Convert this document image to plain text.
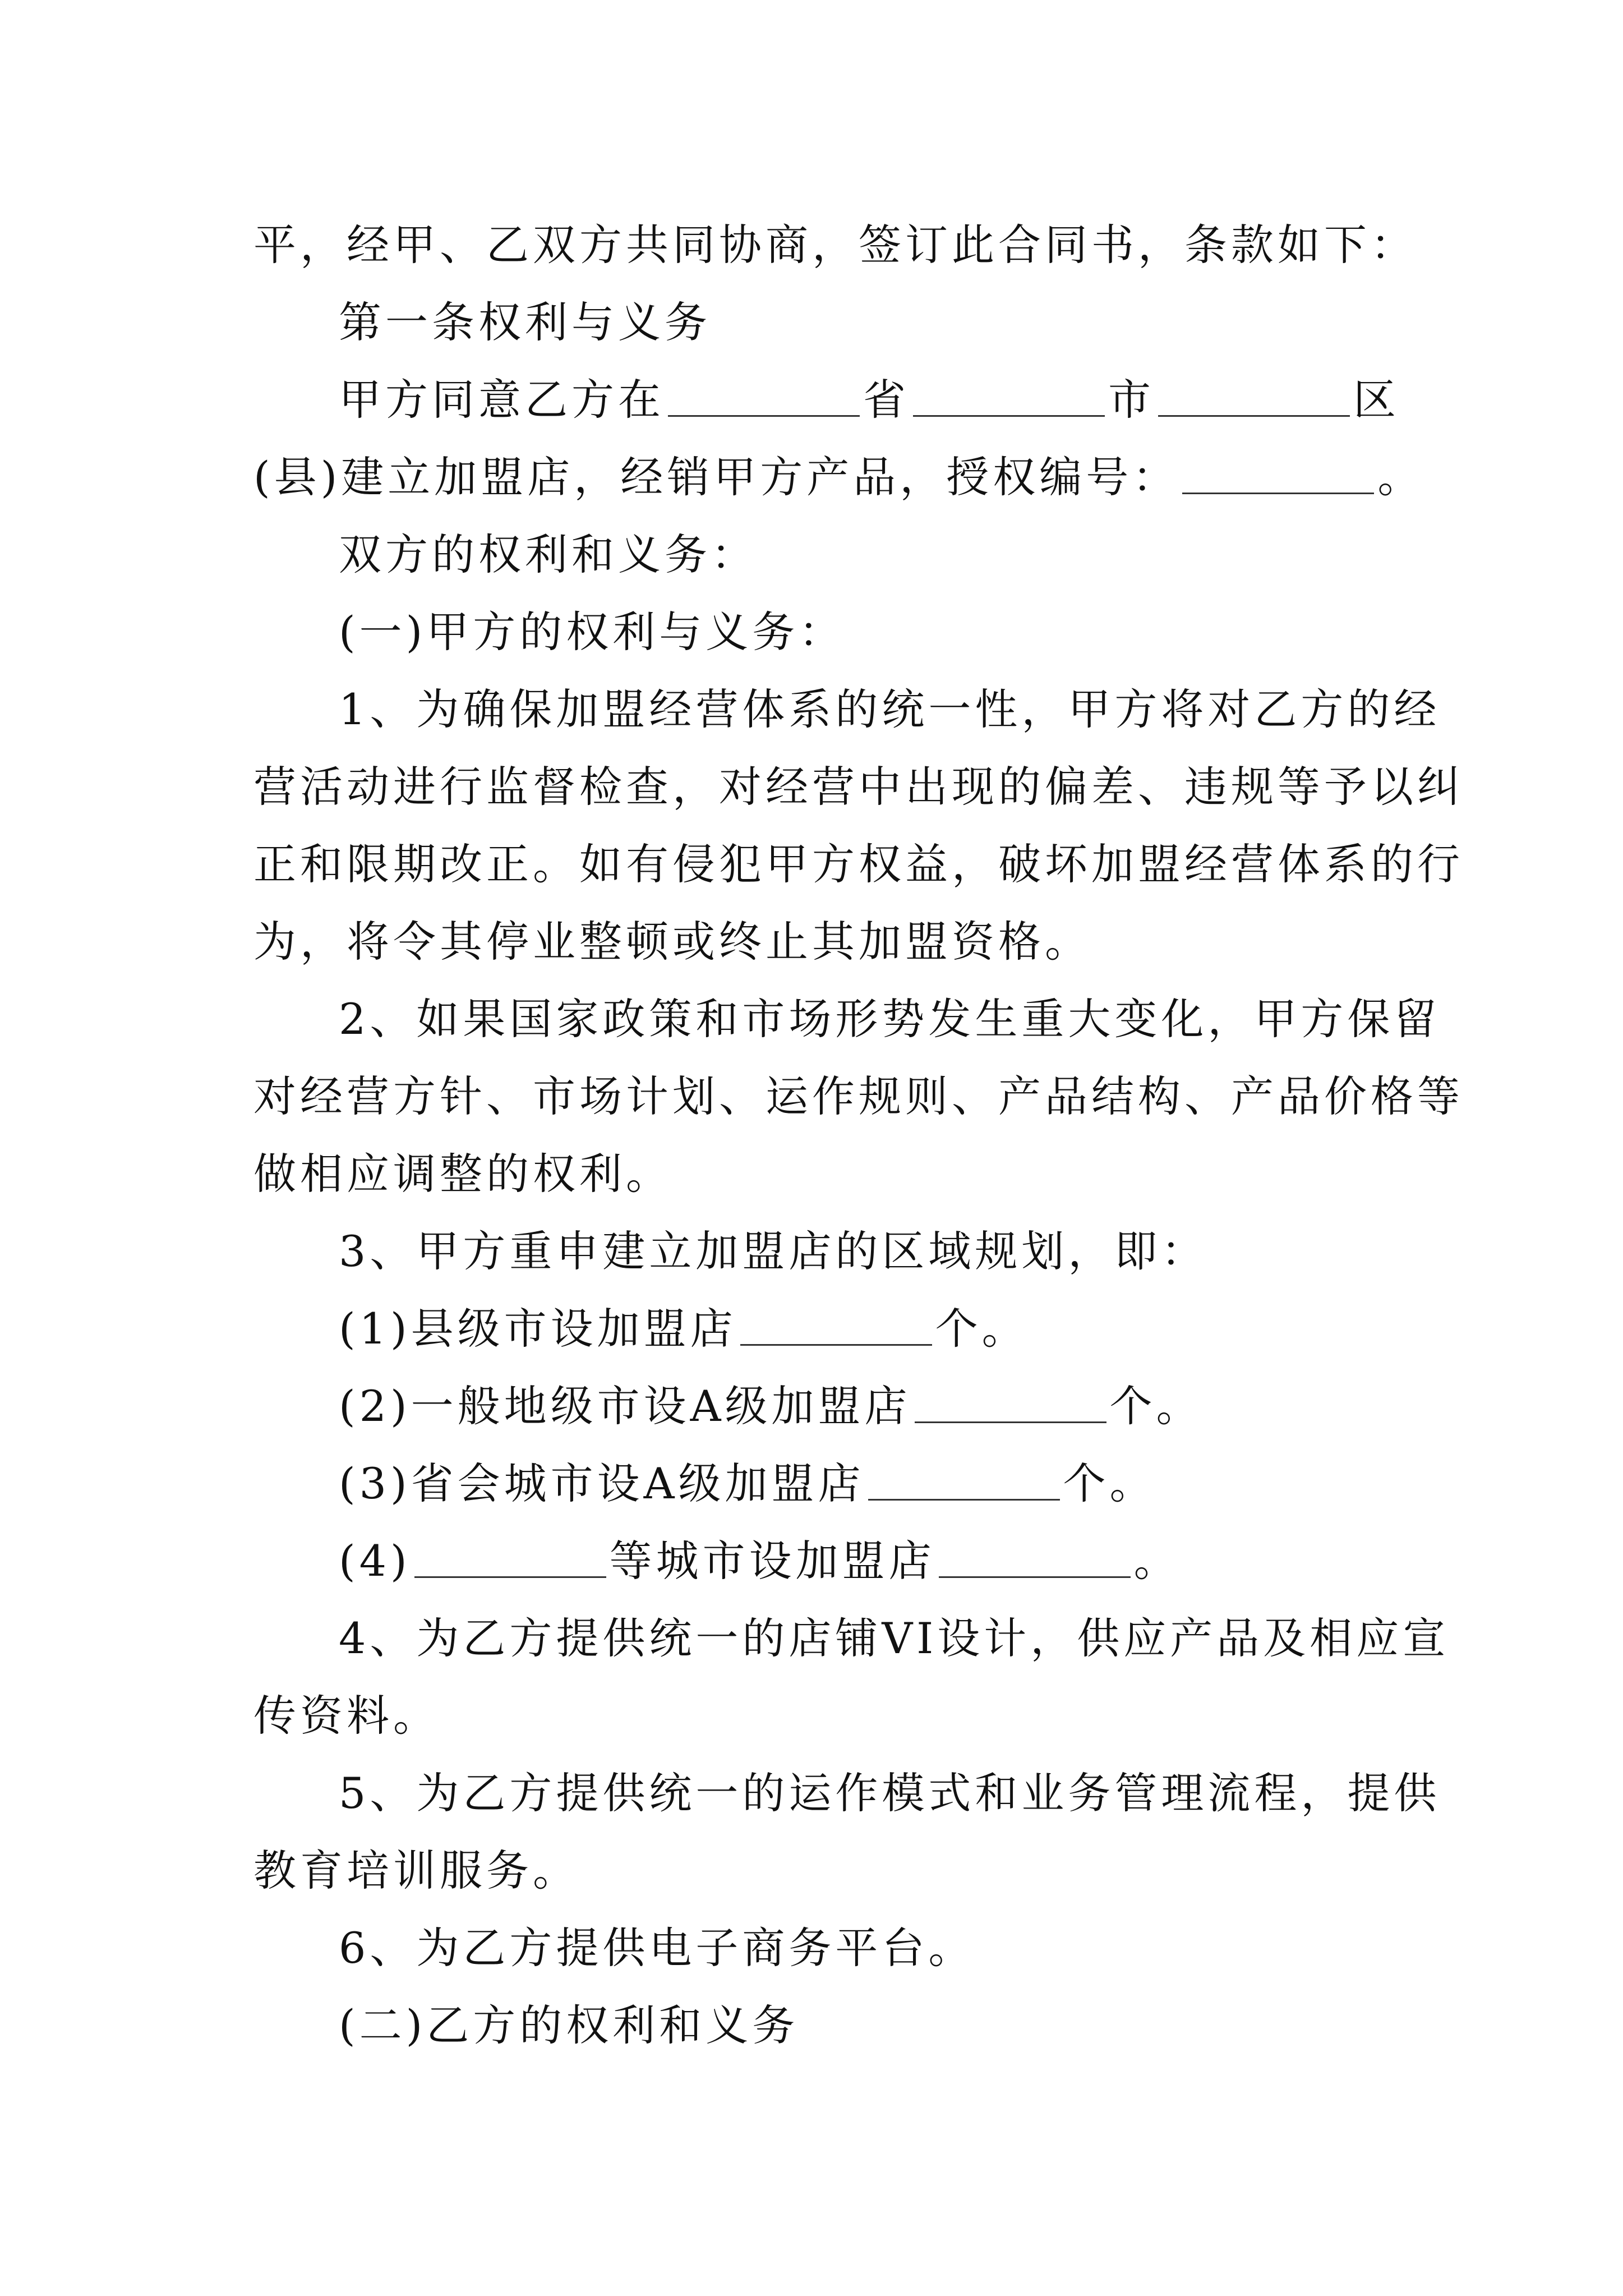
平，经甲、乙双方共同协商，签订此合同书，条款如下：

第一条权利与义务

甲方同意乙方在	省	市	区

(县)建立加盟店，经销甲方产品，授权编号：	。

双方的权利和义务：

(一)甲方的权利与义务：

1、为确保加盟经营体系的统一性，甲方将对乙方的经

营活动进行监督检查，对经营中出现的偏差、违规等予以纠

正和限期改正。如有侵犯甲方权益，破坏加盟经营体系的行

为，将令其停业整顿或终止其加盟资格。

2、如果国家政策和市场形势发生重大变化，甲方保留

对经营方针、市场计划、运作规则、产品结构、产品价格等

做相应调整的权利。

3、甲方重申建立加盟店的区域规划，即：

(1)县级市设加盟店	个。

(2)一般地级市设A级加盟店	个。

(3)省会城市设A级加盟店	个。

(4)	等城市设加盟店	。

4、为乙方提供统一的店铺VI设计，供应产品及相应宣

传资料。

5、为乙方提供统一的运作模式和业务管理流程，提供

教育培训服务。

6、为乙方提供电子商务平台。

(二)乙方的权利和义务
